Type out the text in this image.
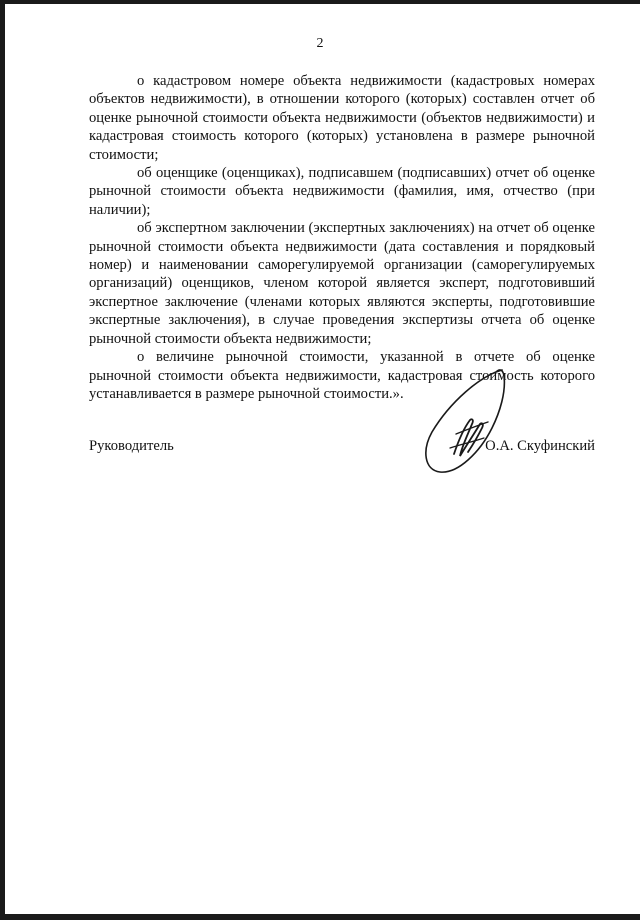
2

о кадастровом номере объекта недвижимости (кадастровых номерах объектов недвижимости), в отношении которого (которых) составлен отчет об оценке рыночной стоимости объекта недвижимости (объектов недвижимости) и кадастровая стоимость которого (которых) установлена в размере рыночной стоимости;

об оценщике (оценщиках), подписавшем (подписавших) отчет об оценке рыночной стоимости объекта недвижимости (фамилия, имя, отчество (при наличии);

об экспертном заключении (экспертных заключениях) на отчет об оценке рыночной стоимости объекта недвижимости (дата составления и порядковый номер) и наименовании саморегулируемой организации (саморегулируемых организаций) оценщиков, членом которой является эксперт, подготовивший экспертное заключение (членами которых являются эксперты, подготовившие экспертные заключения), в случае проведения экспертизы отчета об оценке рыночной стоимости объекта недвижимости;

о величине рыночной стоимости, указанной в отчете об оценке рыночной стоимости объекта недвижимости, кадастровая стоимость которого устанавливается в размере рыночной стоимости.».

Руководитель	О.А. Скуфинский
